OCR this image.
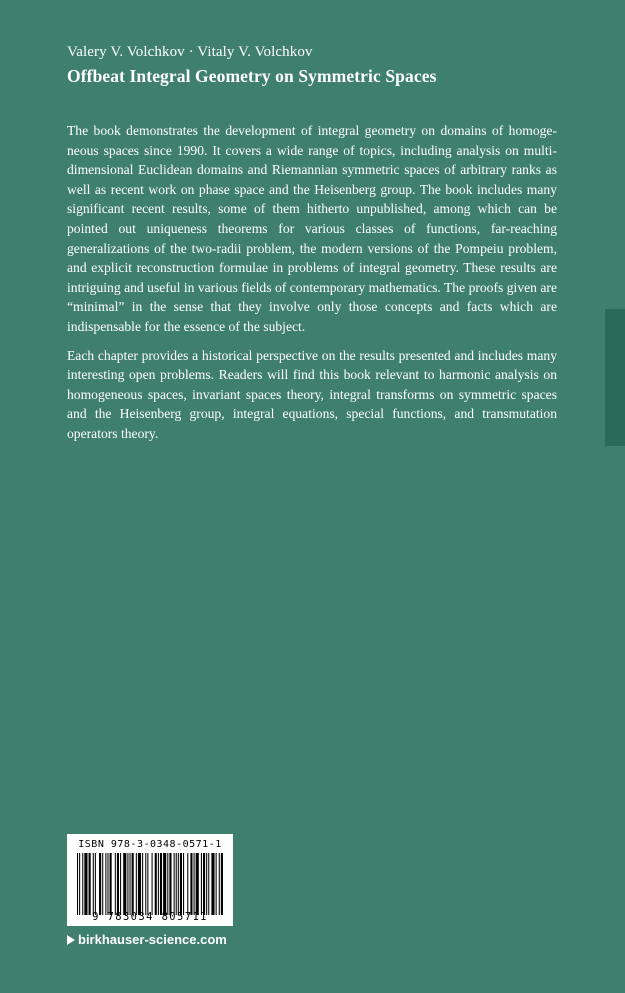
Valery V. Volchkov · Vitaly V. Volchkov
Offbeat Integral Geometry on Symmetric Spaces

The book demonstrates the development of integral geometry on domains of homogeneous spaces since 1990. It covers a wide range of topics, including analysis on multidimensional Euclidean domains and Riemannian symmetric spaces of arbitrary ranks as well as recent work on phase space and the Heisenberg group. The book includes many significant recent results, some of them hitherto unpublished, among which can be pointed out uniqueness theorems for various classes of functions, far-reaching generalizations of the two-radii problem, the modern versions of the Pompeiu problem, and explicit reconstruction formulae in problems of integral geometry. These results are intriguing and useful in various fields of contemporary mathematics. The proofs given are “minimal” in the sense that they involve only those concepts and facts which are indispensable for the essence of the subject.

Each chapter provides a historical perspective on the results presented and includes many interesting open problems. Readers will find this book relevant to harmonic analysis on homogeneous spaces, invariant spaces theory, integral transforms on symmetric spaces and the Heisenberg group, integral equations, special functions, and transmutation operators theory.

ISBN 978-3-0348-0571-1
9 783034 805711
birkhauser-science.com
